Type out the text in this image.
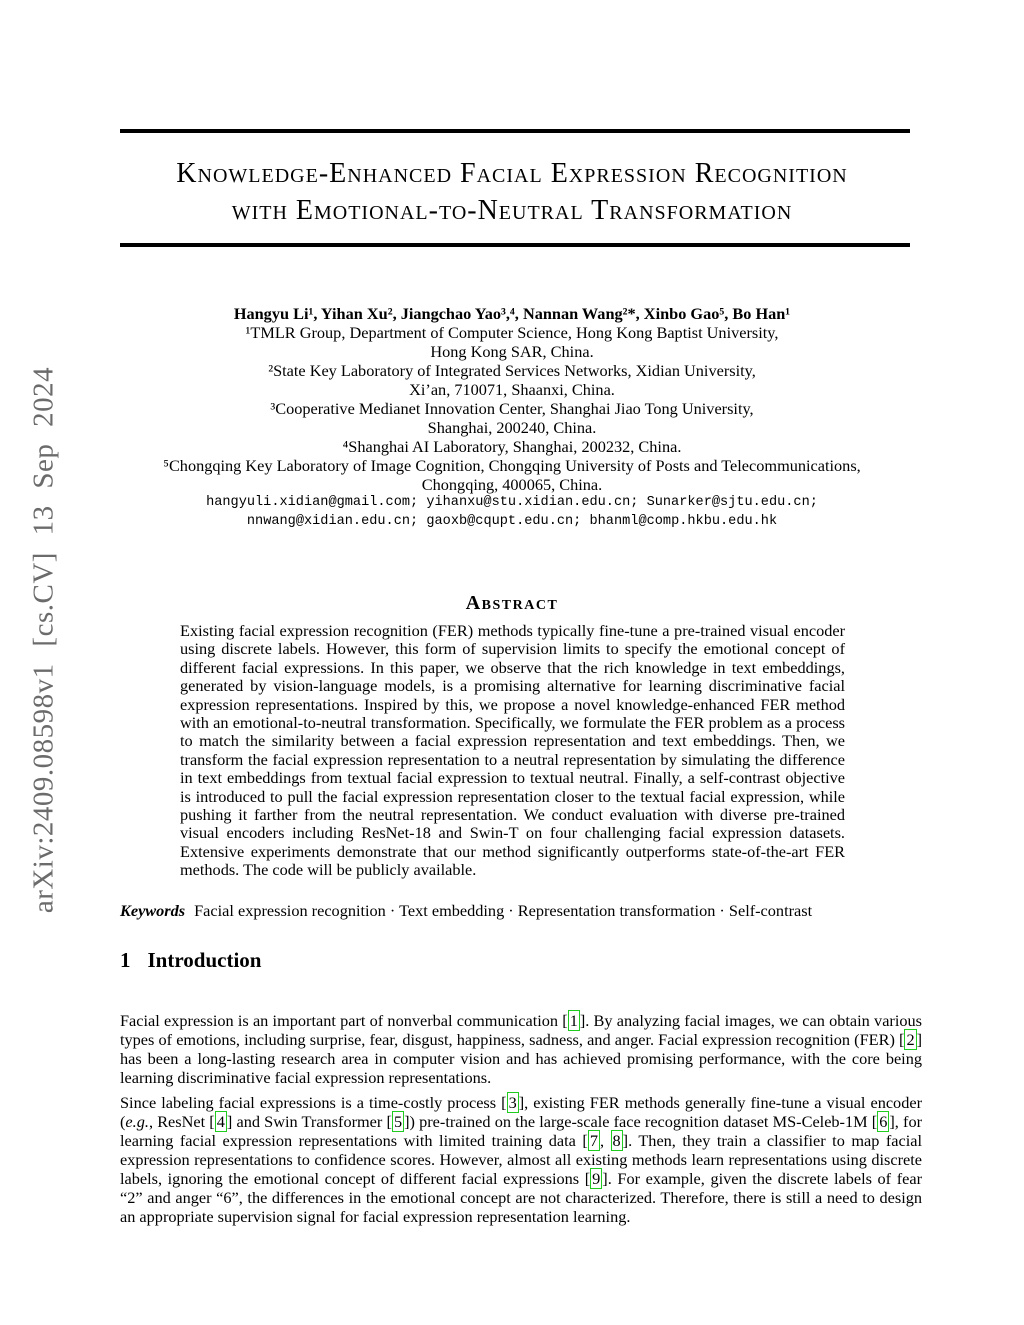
arXiv:2409.08598v1 [cs.CV] 13 Sep 2024
Knowledge-Enhanced Facial Expression Recognition
with Emotional-to-Neutral Transformation
Hangyu Li¹, Yihan Xu², Jiangchao Yao³,⁴, Nannan Wang²*, Xinbo Gao⁵, Bo Han¹
¹TMLR Group, Department of Computer Science, Hong Kong Baptist University,
Hong Kong SAR, China.
²State Key Laboratory of Integrated Services Networks, Xidian University,
Xi’an, 710071, Shaanxi, China.
³Cooperative Medianet Innovation Center, Shanghai Jiao Tong University,
Shanghai, 200240, China.
⁴Shanghai AI Laboratory, Shanghai, 200232, China.
⁵Chongqing Key Laboratory of Image Cognition, Chongqing University of Posts and Telecommunications,
Chongqing, 400065, China.
hangyuli.xidian@gmail.com; yihanxu@stu.xidian.edu.cn; Sunarker@sjtu.edu.cn;
nnwang@xidian.edu.cn; gaoxb@cqupt.edu.cn; bhanml@comp.hkbu.edu.hk
Abstract
Existing facial expression recognition (FER) methods typically fine-tune a pre-trained visual encoder using discrete labels. However, this form of supervision limits to specify the emotional concept of different facial expressions. In this paper, we observe that the rich knowledge in text embeddings, generated by vision-language models, is a promising alternative for learning discriminative facial expression representations. Inspired by this, we propose a novel knowledge-enhanced FER method with an emotional-to-neutral transformation. Specifically, we formulate the FER problem as a process to match the similarity between a facial expression representation and text embeddings. Then, we transform the facial expression representation to a neutral representation by simulating the difference in text embeddings from textual facial expression to textual neutral. Finally, a self-contrast objective is introduced to pull the facial expression representation closer to the textual facial expression, while pushing it farther from the neutral representation. We conduct evaluation with diverse pre-trained visual encoders including ResNet-18 and Swin-T on four challenging facial expression datasets. Extensive experiments demonstrate that our method significantly outperforms state-of-the-art FER methods. The code will be publicly available.
Keywords Facial expression recognition · Text embedding · Representation transformation · Self-contrast
1 Introduction

Facial expression is an important part of nonverbal communication [ 1 ]. By analyzing facial images, we can obtain various types of emotions, including surprise, fear, disgust, happiness, sadness, and anger. Facial expression recognition (FER) [ 2 ] has been a long-lasting research area in computer vision and has achieved promising performance, with the core being learning discriminative facial expression representations.

Since labeling facial expressions is a time-costly process [ 3 ], existing FER methods generally fine-tune a visual encoder (e.g., ResNet [ 4 ] and Swin Transformer [ 5 ]) pre-trained on the large-scale face recognition dataset MS-Celeb-1M [ 6 ], for learning facial expression representations with limited training data [ 7 , 8 ]. Then, they train a classifier to map facial expression representations to confidence scores. However, almost all existing methods learn representations using discrete labels, ignoring the emotional concept of different facial expressions [ 9 ]. For example, given the discrete labels of fear “2” and anger “6”, the differences in the emotional concept are not characterized. Therefore, there is still a need to design an appropriate supervision signal for facial expression representation learning.
